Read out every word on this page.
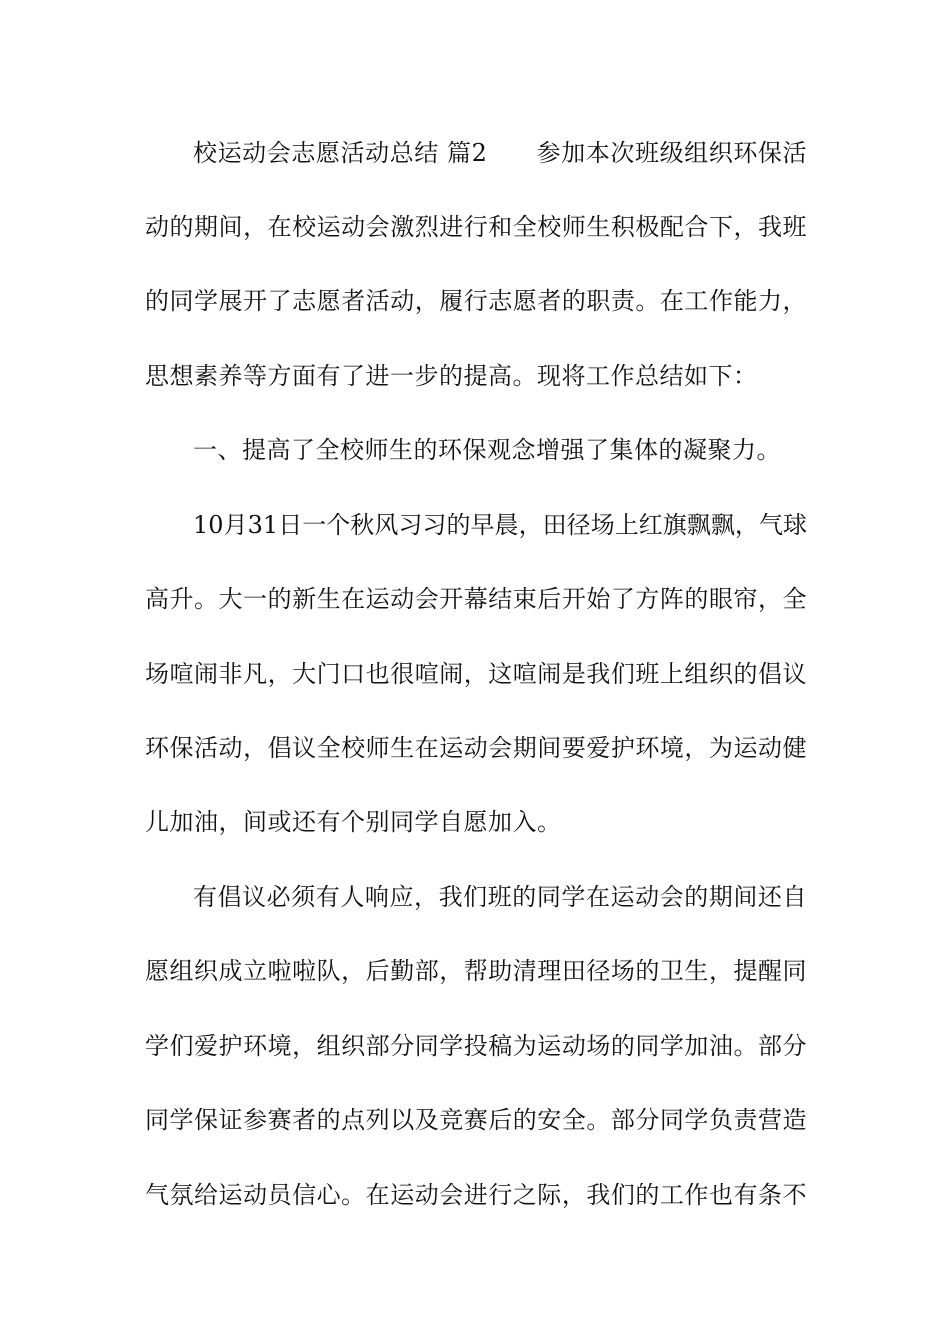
校运动会志愿活动总结 篇2　　参加本次班级组织环保活
动的期间，在校运动会激烈进行和全校师生积极配合下，我班
的同学展开了志愿者活动，履行志愿者的职责。在工作能力，
思想素养等方面有了进一步的提高。现将工作总结如下：
一、提高了全校师生的环保观念增强了集体的凝聚力。
10月31日一个秋风习习的早晨，田径场上红旗飘飘，气球
高升。大一的新生在运动会开幕结束后开始了方阵的眼帘，全
场喧闹非凡，大门口也很喧闹，这喧闹是我们班上组织的倡议
环保活动，倡议全校师生在运动会期间要爱护环境，为运动健
儿加油，间或还有个别同学自愿加入。
有倡议必须有人响应，我们班的同学在运动会的期间还自
愿组织成立啦啦队，后勤部，帮助清理田径场的卫生，提醒同
学们爱护环境，组织部分同学投稿为运动场的同学加油。部分
同学保证参赛者的点列以及竞赛后的安全。部分同学负责营造
气氛给运动员信心。在运动会进行之际，我们的工作也有条不
